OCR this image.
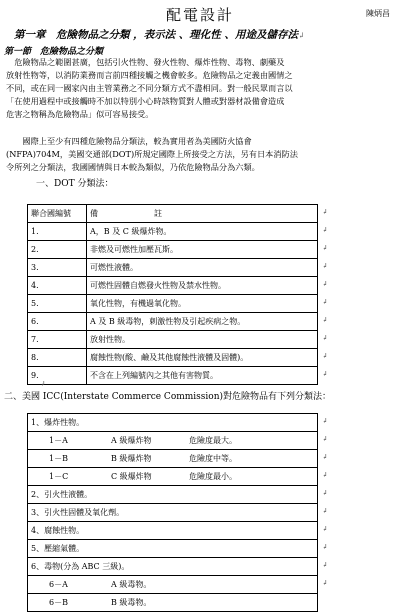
配電設計	陳炳昌
第一章　危險物品之分類 ，表示法 、理化性 、用途及儲存法↲
第一節　危險物品之分類
　危險物品之範圍甚廣，包括引火性物、發火性物、爆炸性物、毒物、劇藥及
放射性物等，以消防業務而言前四種接觸之機會較多。危險物品之定義由國情之
不同，或在同一國家內由主管業務之不同分類方式不盡相同。對一般民眾而言以
「在使用過程中或接觸時不加以特別小心時該物質對人體或對器材設備會造成
危害之物稱為危險物品」似可容易接受。
　　國際上至少有四種危險物品分類法，較為實用者為美國防火協會
(NFPA)704M，美國交通部(DOT)所規定國際上所接受之方法，另有日本消防法
令所列之分類法，我國國情與日本較為類似，乃依危險物品分為六類。
一、DOT 分類法：
聯合國編號	備　　　　　　　註
1.	A，B 及 C 級爆炸物。
2.	非燃及可燃性加壓瓦斯。
3.	可燃性液體。
4.	可燃性固體自燃發火性物及禁水性物。
5.	氧化性物，有機過氧化物。
6.	A 及 B 級毒物，刺激性物及引起疾病之物。
7.	放射性物。
8.	腐蝕性物(酸、鹼及其他腐蝕性液體及固體)。
9.	不含在上列編號內之其他有害物質。
二、美國 ICC(Interstate Commerce Commission)對危險物品有下列分類法：
1、爆炸性物。
1－A	A 級爆炸物	危險度最大。
1－B	B 級爆炸物	危險度中等。
1－C	C 級爆炸物	危險度最小。
2、引火性液體。
3、引火性固體及氧化劑。
4、腐蝕性物。
5、壓縮氣體。
6、毒物(分為 ABC 三級)。
6－A	A 級毒物。
6－B	B 級毒物。
↲
↲
↲
↲
↲
↲
↲
↲
↲
↲
↲
↲
↲
↲
↲
↲
↲
↲
↲
↲
↲
